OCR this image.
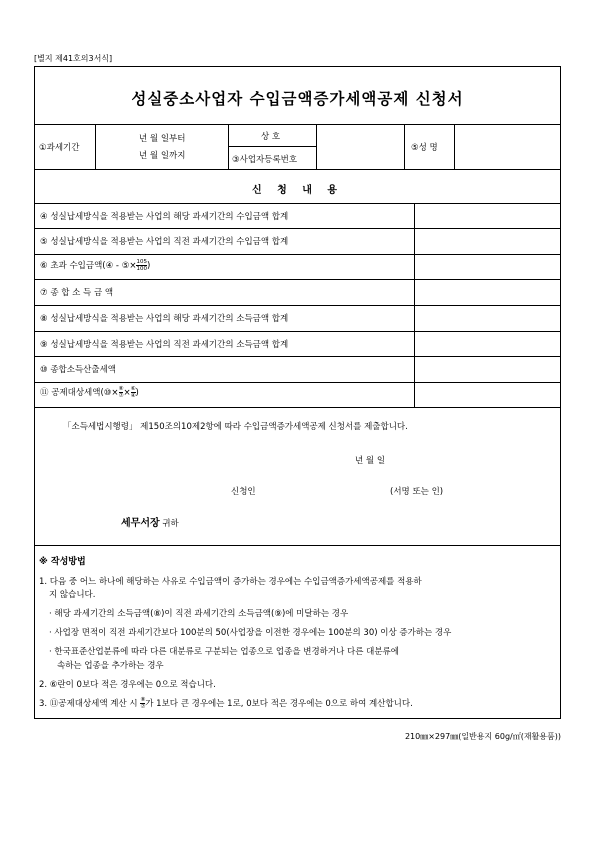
[별지 제41호의3서식]
성실중소사업자 수입금액증가세액공제 신청서
①과세기간
년 월 일부터
년 월 일까지
상 호
③사업자등록번호
⑤성 명
신 청 내 용
④ 성실납세방식을 적용받는 사업의 해당 과세기간의 수입금액 합계
⑤ 성실납세방식을 적용받는 사업의 직전 과세기간의 수입금액 합계
⑥ 초과 수입금액(④ - ⑤× $\frac{105}{100}$ )
⑦ 종 합 소 득 금 액
⑧ 성실납세방식을 적용받는 사업의 해당 과세기간의 소득금액 합계
⑨ 성실납세방식을 적용받는 사업의 직전 과세기간의 소득금액 합계
⑩ 종합소득산출세액
⑪ 공제대상세액(⑩× $\frac{\text{⑧}}{\text{⑦}} \times \frac{\text{⑥}}{\text{④}}$ )
「소득세법시행령」 제150조의10제2항에 따라 수입금액증가세액공제 신청서를 제출합니다.
년 월 일
신청인	(서명 또는 인)
세무서장 귀하
※ 작성방법
1. 다음 중 어느 하나에 해당하는 사유로 수입금액이 증가하는 경우에는 수입금액증가세액공제를 적용하
지 않습니다.
· 해당 과세기간의 소득금액(⑧)이 직전 과세기간의 소득금액(⑨)에 미달하는 경우
· 사업장 면적이 직전 과세기간보다 100분의 50(사업장을 이전한 경우에는 100분의 30) 이상 증가하는 경우
· 한국표준산업분류에 따라 다른 대분류로 구분되는 업종으로 업종을 변경하거나 다른 대분류에
속하는 업종을 추가하는 경우
2. ⑥란이 0보다 적은 경우에는 0으로 적습니다.
3. ⑪공제대상세액 계산 시 $\frac{\text{⑧}}{\text{⑦}}$ 가 1보다 큰 경우에는 1로, 0보다 적은 경우에는 0으로 하여 계산합니다.
210㎜×297㎜(일반용지 60g/㎡(재활용품))
